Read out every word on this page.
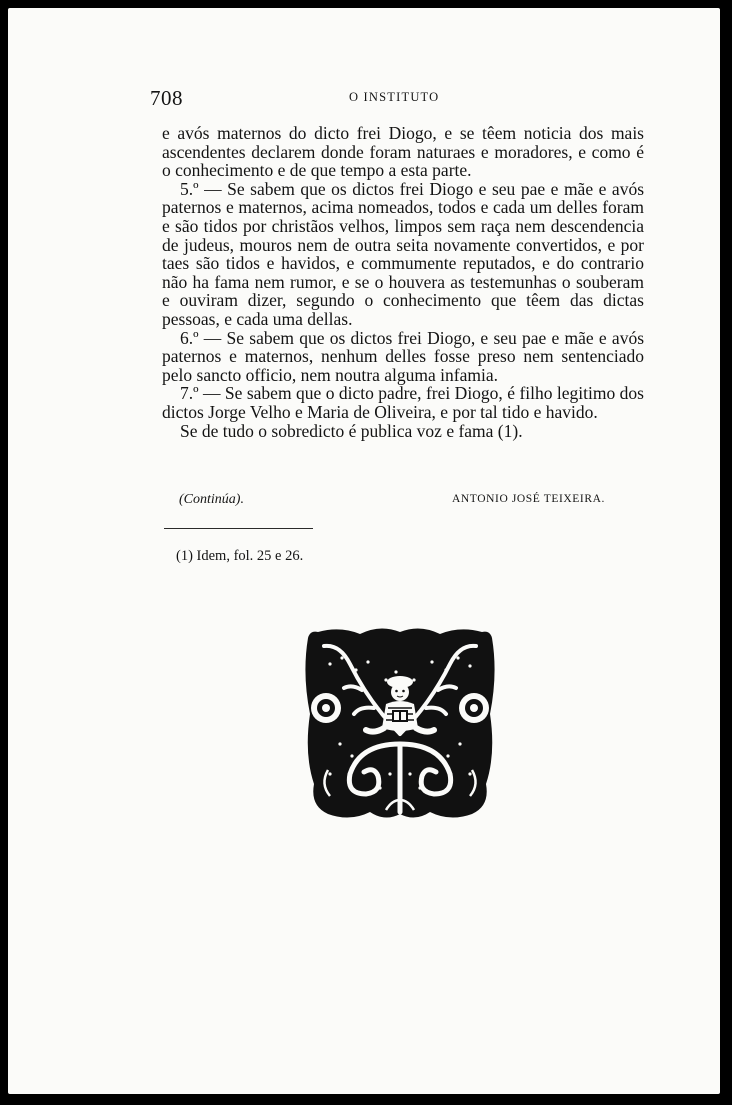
708	O INSTITUTO

e avós maternos do dicto frei Diogo, e se têem noticia dos mais ascendentes declarem donde foram naturaes e moradores, e como é o conhecimento e de que tempo a esta parte.

5.º — Se sabem que os dictos frei Diogo e seu pae e mãe e avós paternos e maternos, acima nomeados, todos e cada um delles foram e são tidos por christãos velhos, limpos sem raça nem descendencia de judeus, mouros nem de outra seita novamente convertidos, e por taes são tidos e havidos, e commumente reputados, e do contrario não ha fama nem rumor, e se o houvera as testemunhas o souberam e ouviram dizer, segundo o conhecimento que têem das dictas pessoas, e cada uma dellas.

6.º — Se sabem que os dictos frei Diogo, e seu pae e mãe e avós paternos e maternos, nenhum delles fosse preso nem sentenciado pelo sancto officio, nem noutra alguma infamia.

7.º — Se sabem que o dicto padre, frei Diogo, é filho legitimo dos dictos Jorge Velho e Maria de Oliveira, e por tal tido e havido.

Se de tudo o sobredicto é publica voz e fama (1).

(Continúa).	ANTONIO JOSÉ TEIXEIRA.
(1) Idem, fol. 25 e 26.
